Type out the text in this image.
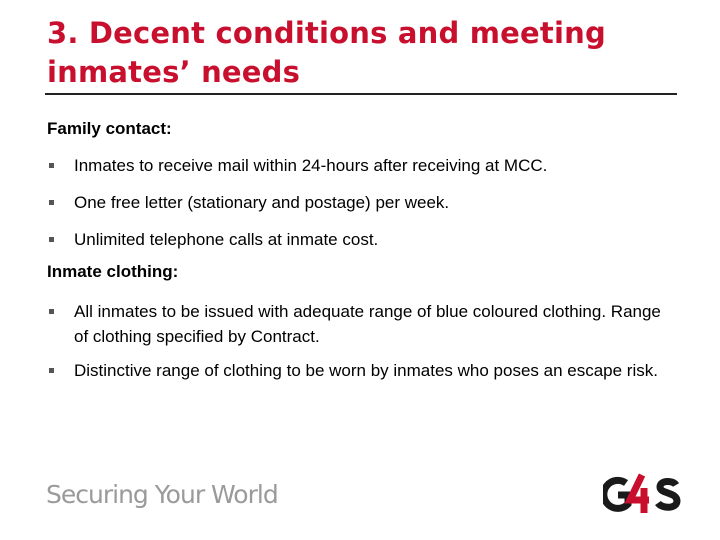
3. Decent conditions and meeting inmates’ needs

Family contact:

Inmates to receive mail within 24-hours after receiving at MCC.
One free letter (stationary and postage) per week.
Unlimited telephone calls at inmate cost.

Inmate clothing:

All inmates to be issued with adequate range of blue coloured clothing. Range of clothing specified by Contract.
Distinctive range of clothing to be worn by inmates who poses an escape risk.
Securing Your World
